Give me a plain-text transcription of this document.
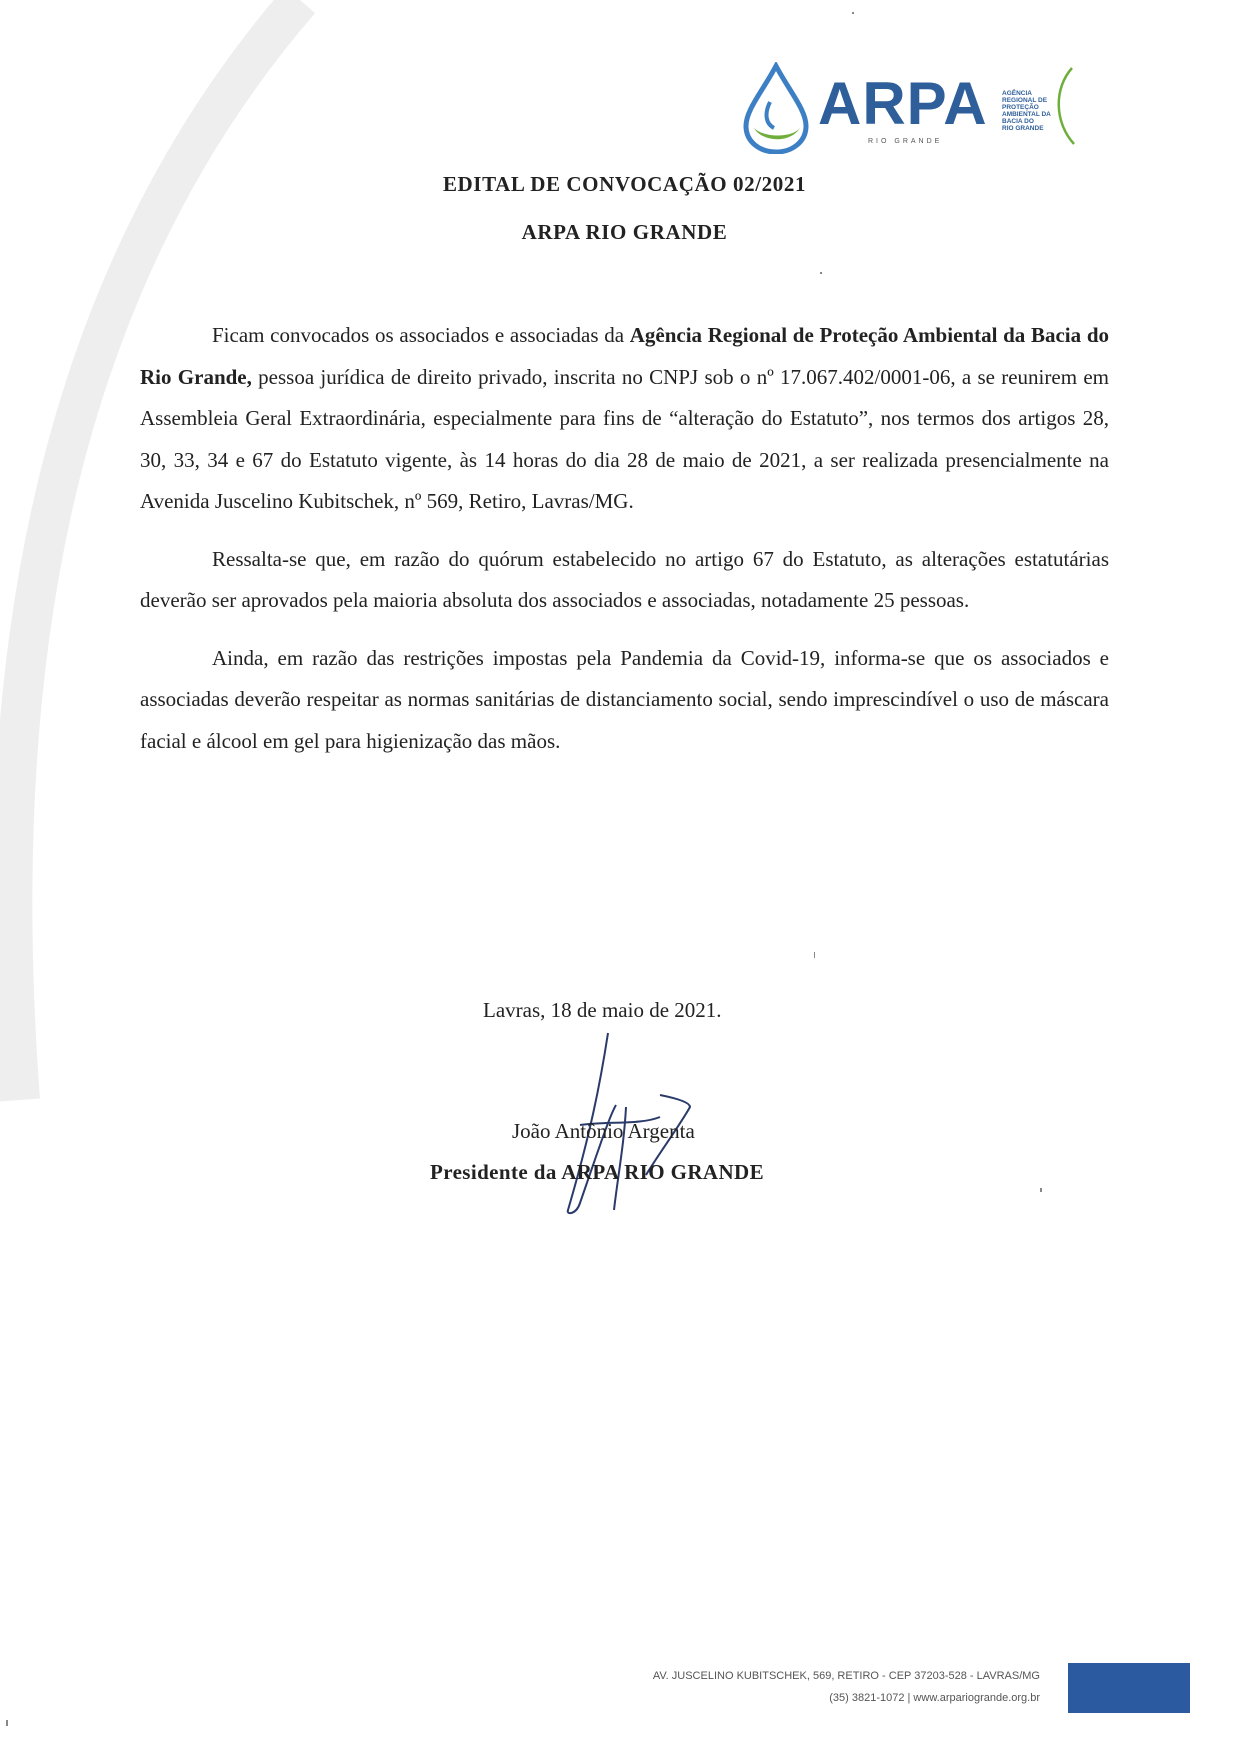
ARPA
RIO GRANDE
AGÊNCIA
REGIONAL DE
PROTEÇÃO
AMBIENTAL DA
BACIA DO
RIO GRANDE
EDITAL DE CONVOCAÇÃO 02/2021
ARPA RIO GRANDE

Ficam convocados os associados e associadas da Agência Regional de Proteção Ambiental da Bacia do Rio Grande, pessoa jurídica de direito privado, inscrita no CNPJ sob o nº 17.067.402/0001-06, a se reunirem em Assembleia Geral Extraordinária, especialmente para fins de “alteração do Estatuto”, nos termos dos artigos 28, 30, 33, 34 e 67 do Estatuto vigente, às 14 horas do dia 28 de maio de 2021, a ser realizada presencialmente na Avenida Juscelino Kubitschek, nº 569, Retiro, Lavras/MG.

Ressalta-se que, em razão do quórum estabelecido no artigo 67 do Estatuto, as alterações estatutárias deverão ser aprovados pela maioria absoluta dos associados e associadas, notadamente 25 pessoas.

Ainda, em razão das restrições impostas pela Pandemia da Covid-19, informa-se que os associados e associadas deverão respeitar as normas sanitárias de distanciamento social, sendo imprescindível o uso de máscara facial e álcool em gel para higienização das mãos.

Lavras, 18 de maio de 2021.
João Antônio Argenta
Presidente da ARPA RIO GRANDE
AV. JUSCELINO KUBITSCHEK, 569, RETIRO - CEP 37203-528 - LAVRAS/MG
(35) 3821-1072 | www.arpariogrande.org.br
